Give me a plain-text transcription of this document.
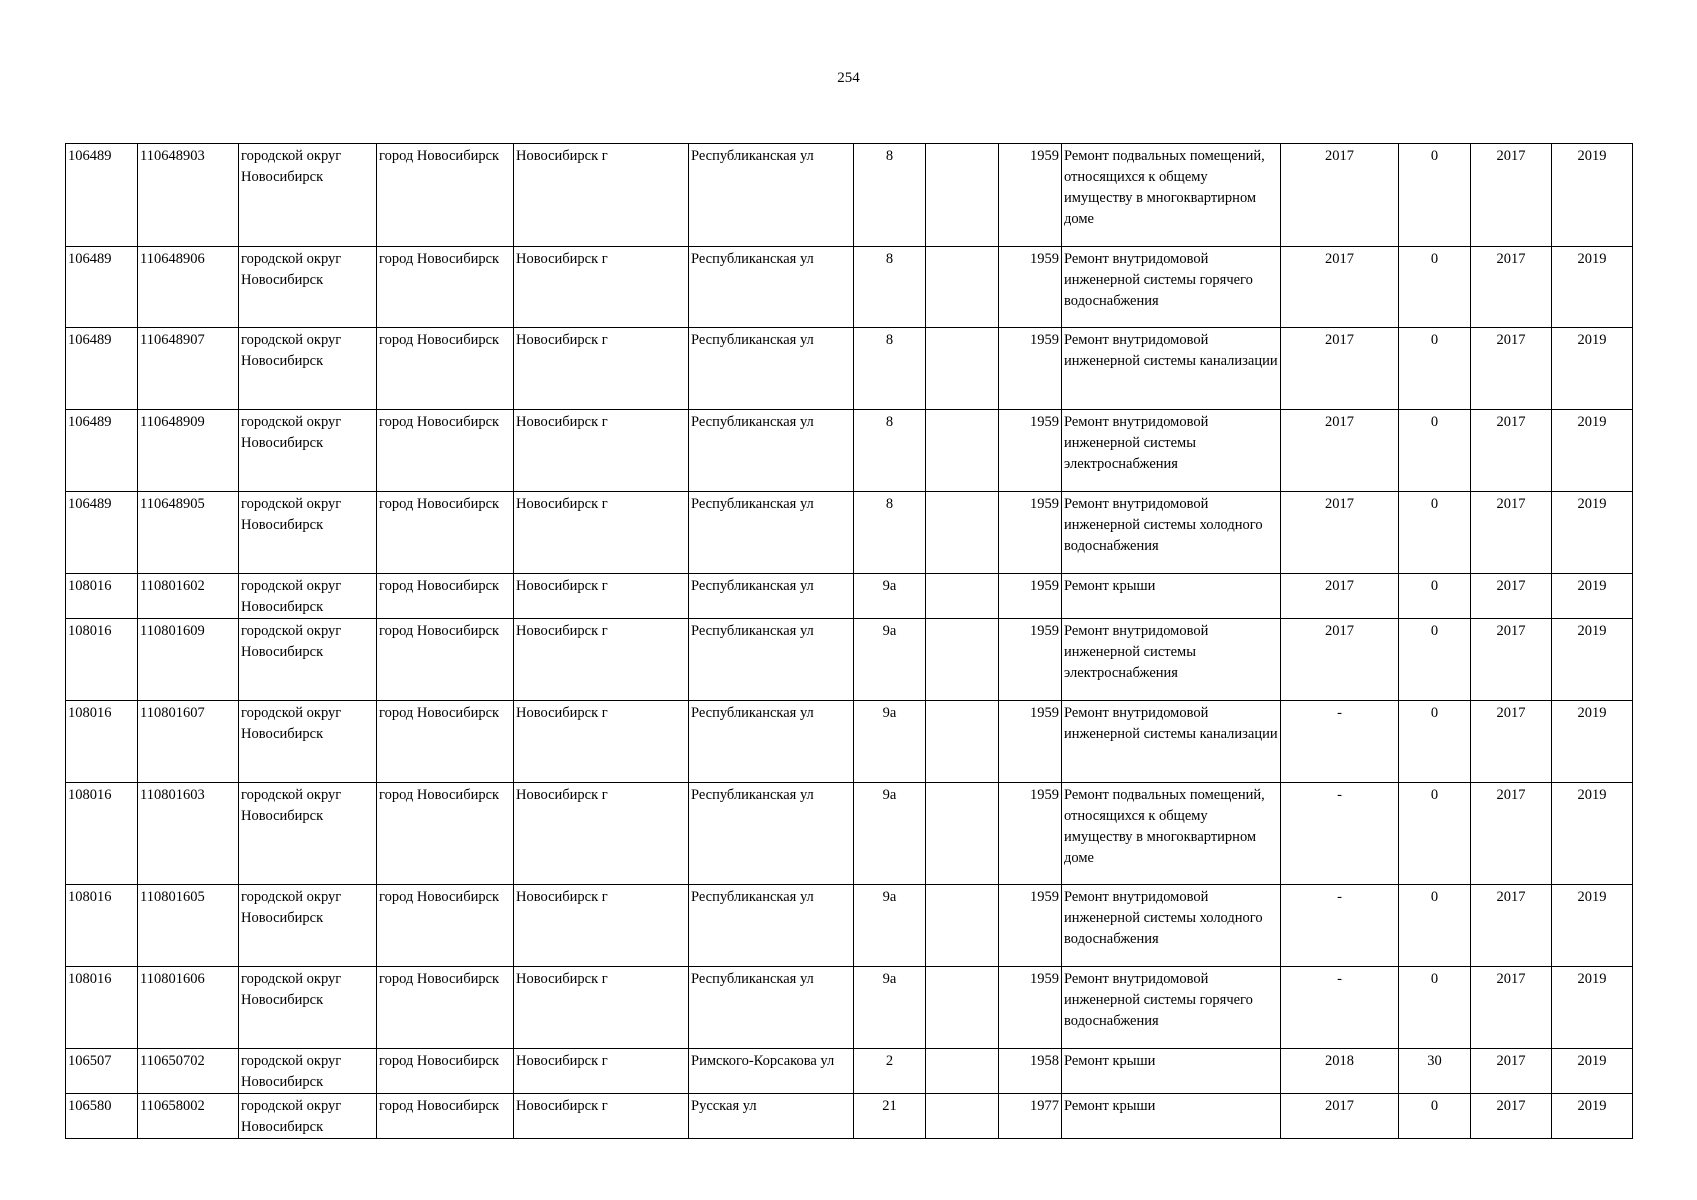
254
106489	110648903	городской округ Новосибирск	город Новосибирск	Новосибирск г	Республиканская ул	8		1959	Ремонт подвальных помещений, относящихся к общему имуществу в многоквартирном доме	2017	0	2017	2019
106489	110648906	городской округ Новосибирск	город Новосибирск	Новосибирск г	Республиканская ул	8		1959	Ремонт внутридомовой инженерной системы горячего водоснабжения	2017	0	2017	2019
106489	110648907	городской округ Новосибирск	город Новосибирск	Новосибирск г	Республиканская ул	8		1959	Ремонт внутридомовой инженерной системы канализации	2017	0	2017	2019
106489	110648909	городской округ Новосибирск	город Новосибирск	Новосибирск г	Республиканская ул	8		1959	Ремонт внутридомовой инженерной системы электроснабжения	2017	0	2017	2019
106489	110648905	городской округ Новосибирск	город Новосибирск	Новосибирск г	Республиканская ул	8		1959	Ремонт внутридомовой инженерной системы холодного водоснабжения	2017	0	2017	2019
108016	110801602	городской округ Новосибирск	город Новосибирск	Новосибирск г	Республиканская ул	9а		1959	Ремонт крыши	2017	0	2017	2019
108016	110801609	городской округ Новосибирск	город Новосибирск	Новосибирск г	Республиканская ул	9а		1959	Ремонт внутридомовой инженерной системы электроснабжения	2017	0	2017	2019
108016	110801607	городской округ Новосибирск	город Новосибирск	Новосибирск г	Республиканская ул	9а		1959	Ремонт внутридомовой инженерной системы канализации	-	0	2017	2019
108016	110801603	городской округ Новосибирск	город Новосибирск	Новосибирск г	Республиканская ул	9а		1959	Ремонт подвальных помещений, относящихся к общему имуществу в многоквартирном доме	-	0	2017	2019
108016	110801605	городской округ Новосибирск	город Новосибирск	Новосибирск г	Республиканская ул	9а		1959	Ремонт внутридомовой инженерной системы холодного водоснабжения	-	0	2017	2019
108016	110801606	городской округ Новосибирск	город Новосибирск	Новосибирск г	Республиканская ул	9а		1959	Ремонт внутридомовой инженерной системы горячего водоснабжения	-	0	2017	2019
106507	110650702	городской округ Новосибирск	город Новосибирск	Новосибирск г	Римского-Корсакова ул	2		1958	Ремонт крыши	2018	30	2017	2019
106580	110658002	городской округ Новосибирск	город Новосибирск	Новосибирск г	Русская ул	21		1977	Ремонт крыши	2017	0	2017	2019
